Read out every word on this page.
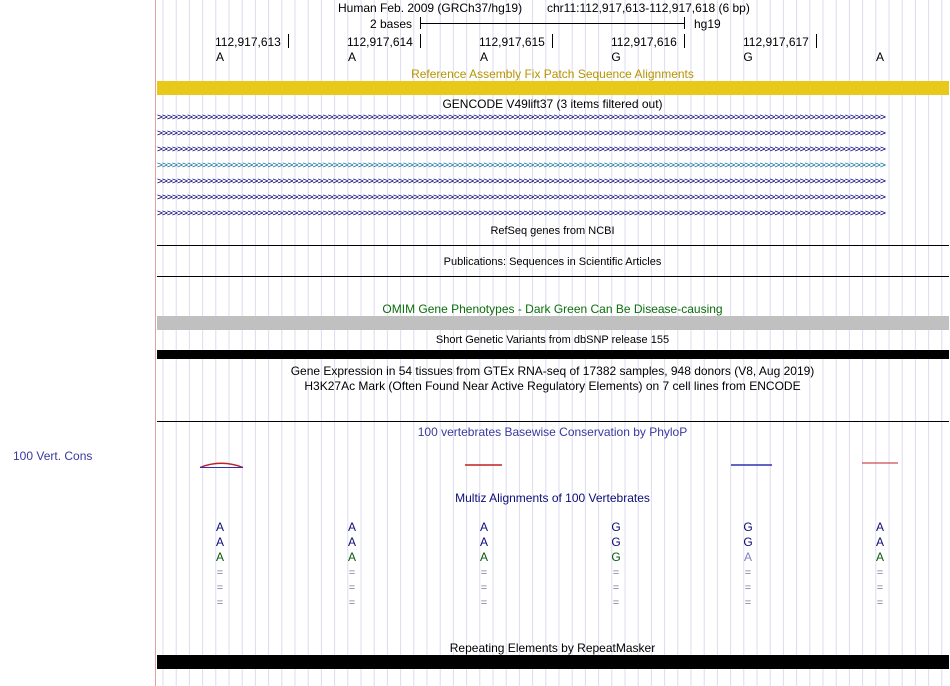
Human Feb. 2009 (GRCh37/hg19) chr11:112,917,613-112,917,618 (6 bp)
2 bases	hg19
112,917,613	112,917,614	112,917,615	112,917,616	112,917,617
A	A	A	G	G	A
Reference Assembly Fix Patch Sequence Alignments
GENCODE V49lift37 (3 items filtered out)
>>>>>>>>>>>>>>>>>>>>>>>>>>>>>>>>>>>>>>>>>>>>>>>>>>>>>>>>>>>>>>>>>>>>>>>>>>>>>>>>>>>>>>>>>>>>>>>>>>>>>>>>>>>>>>>>>>>>>>>>>>>>>>>>>>>>>>>>>>>>>>>>>
>>>>>>>>>>>>>>>>>>>>>>>>>>>>>>>>>>>>>>>>>>>>>>>>>>>>>>>>>>>>>>>>>>>>>>>>>>>>>>>>>>>>>>>>>>>>>>>>>>>>>>>>>>>>>>>>>>>>>>>>>>>>>>>>>>>>>>>>>>>>>>>>>
>>>>>>>>>>>>>>>>>>>>>>>>>>>>>>>>>>>>>>>>>>>>>>>>>>>>>>>>>>>>>>>>>>>>>>>>>>>>>>>>>>>>>>>>>>>>>>>>>>>>>>>>>>>>>>>>>>>>>>>>>>>>>>>>>>>>>>>>>>>>>>>>>
>>>>>>>>>>>>>>>>>>>>>>>>>>>>>>>>>>>>>>>>>>>>>>>>>>>>>>>>>>>>>>>>>>>>>>>>>>>>>>>>>>>>>>>>>>>>>>>>>>>>>>>>>>>>>>>>>>>>>>>>>>>>>>>>>>>>>>>>>>>>>>>>>
>>>>>>>>>>>>>>>>>>>>>>>>>>>>>>>>>>>>>>>>>>>>>>>>>>>>>>>>>>>>>>>>>>>>>>>>>>>>>>>>>>>>>>>>>>>>>>>>>>>>>>>>>>>>>>>>>>>>>>>>>>>>>>>>>>>>>>>>>>>>>>>>>
>>>>>>>>>>>>>>>>>>>>>>>>>>>>>>>>>>>>>>>>>>>>>>>>>>>>>>>>>>>>>>>>>>>>>>>>>>>>>>>>>>>>>>>>>>>>>>>>>>>>>>>>>>>>>>>>>>>>>>>>>>>>>>>>>>>>>>>>>>>>>>>>>
>>>>>>>>>>>>>>>>>>>>>>>>>>>>>>>>>>>>>>>>>>>>>>>>>>>>>>>>>>>>>>>>>>>>>>>>>>>>>>>>>>>>>>>>>>>>>>>>>>>>>>>>>>>>>>>>>>>>>>>>>>>>>>>>>>>>>>>>>>>>>>>>>
RefSeq genes from NCBI
Publications: Sequences in Scientific Articles
OMIM Gene Phenotypes - Dark Green Can Be Disease-causing
Short Genetic Variants from dbSNP release 155
Gene Expression in 54 tissues from GTEx RNA-seq of 17382 samples, 948 donors (V8, Aug 2019)
H3K27Ac Mark (Often Found Near Active Regulatory Elements) on 7 cell lines from ENCODE
100 vertebrates Basewise Conservation by PhyloP
100 Vert. Cons
Multiz Alignments of 100 Vertebrates
A	A	A	G	G	A
A	A	A	G	G	A
A	A	A	G	A	A
=	=	=	=	=	=
=	=	=	=	=	=
=	=	=	=	=	=
Repeating Elements by RepeatMasker
